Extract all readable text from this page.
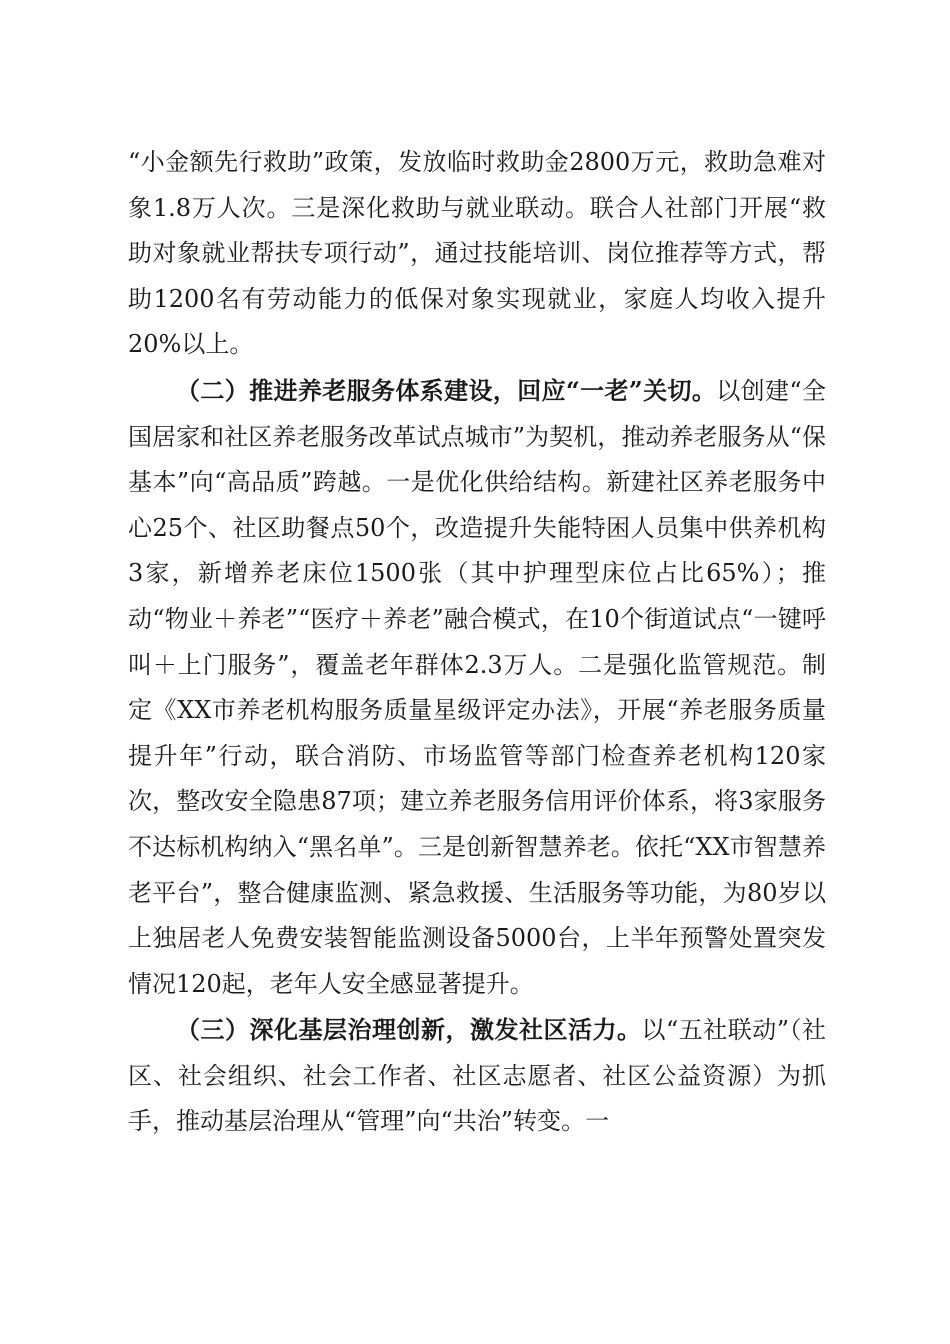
“小金额先行救助”政策，发放临时救助金2800万元，救助急难对象1.8万人次。三是深化救助与就业联动。联合人社部门开展“救助对象就业帮扶专项行动”，通过技能培训、岗位推荐等方式，帮助1200名有劳动能力的低保对象实现就业，家庭人均收入提升20%以上。

（二）推进养老服务体系建设，回应“一老”关切。以创建“全国居家和社区养老服务改革试点城市”为契机，推动养老服务从“保基本”向“高品质”跨越。一是优化供给结构。新建社区养老服务中心25个、社区助餐点50个，改造提升失能特困人员集中供养机构3家，新增养老床位1500张（其中护理型床位占比65%）；推动“物业＋养老”“医疗＋养老”融合模式，在10个街道试点“一键呼叫＋上门服务”，覆盖老年群体2.3万人。二是强化监管规范。制定《XX市养老机构服务质量星级评定办法》，开展“养老服务质量提升年”行动，联合消防、市场监管等部门检查养老机构120家次，整改安全隐患87项；建立养老服务信用评价体系，将3家服务不达标机构纳入“黑名单”。三是创新智慧养老。依托“XX市智慧养老平台”，整合健康监测、紧急救援、生活服务等功能，为80岁以上独居老人免费安装智能监测设备5000台，上半年预警处置突发情况120起，老年人安全感显著提升。

（三）深化基层治理创新，激发社区活力。以“五社联动”（社区、社会组织、社会工作者、社区志愿者、社区公益资源）为抓手，推动基层治理从“管理”向“共治”转变。一
